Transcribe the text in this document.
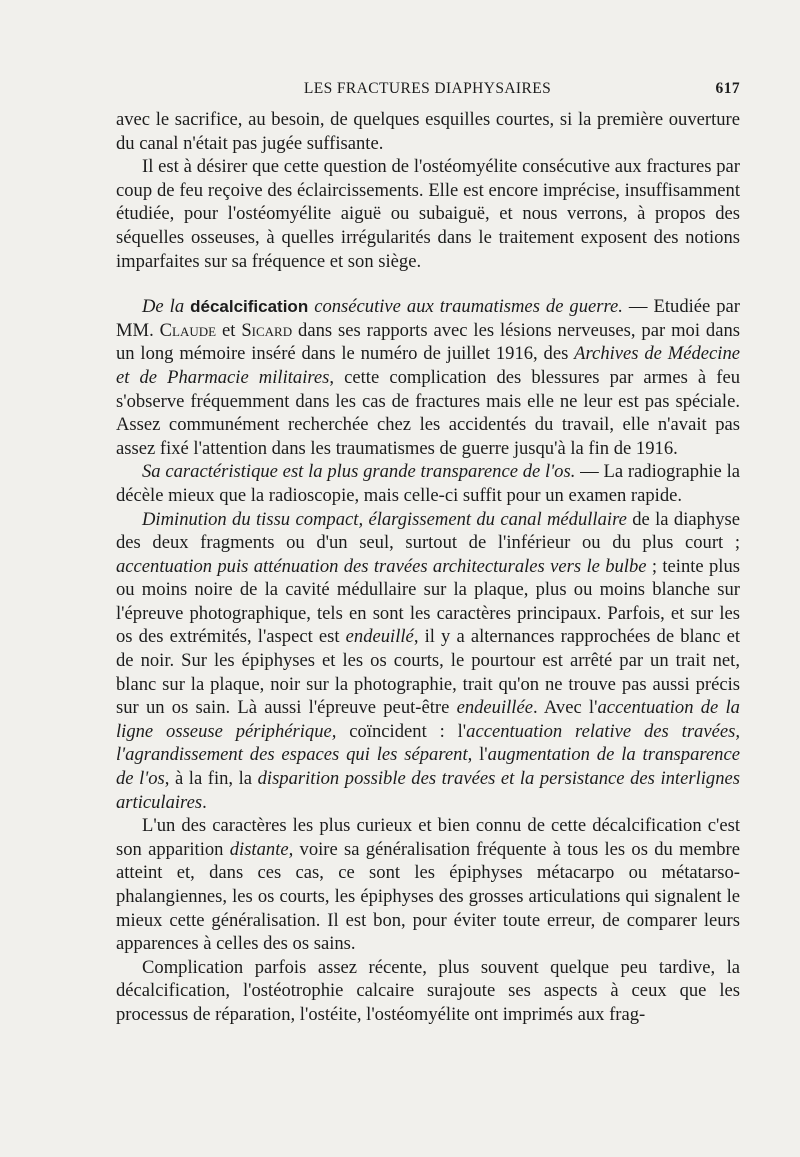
LES FRACTURES DIAPHYSAIRES	617

avec le sacrifice, au besoin, de quelques esquilles courtes, si la première ouverture du canal n'était pas jugée suffisante.

Il est à désirer que cette question de l'ostéomyélite consécutive aux fractures par coup de feu reçoive des éclaircissements. Elle est encore imprécise, insuffisamment étudiée, pour l'ostéomyélite aiguë ou subaiguë, et nous verrons, à propos des séquelles osseuses, à quelles irrégularités dans le traitement exposent des notions imparfaites sur sa fréquence et son siège.

De la décalcification consécutive aux traumatismes de guerre. — Etudiée par MM. Claude et Sicard dans ses rapports avec les lésions nerveuses, par moi dans un long mémoire inséré dans le numéro de juillet 1916, des Archives de Médecine et de Pharmacie militaires, cette complication des blessures par armes à feu s'observe fréquemment dans les cas de fractures mais elle ne leur est pas spéciale. Assez communément recherchée chez les accidentés du travail, elle n'avait pas assez fixé l'attention dans les traumatismes de guerre jusqu'à la fin de 1916.

Sa caractéristique est la plus grande transparence de l'os. — La radiographie la décèle mieux que la radioscopie, mais celle-ci suffit pour un examen rapide.

Diminution du tissu compact, élargissement du canal médullaire de la diaphyse des deux fragments ou d'un seul, surtout de l'inférieur ou du plus court ; accentuation puis atténuation des travées architecturales vers le bulbe ; teinte plus ou moins noire de la cavité médullaire sur la plaque, plus ou moins blanche sur l'épreuve photographique, tels en sont les caractères principaux. Parfois, et sur les os des extrémités, l'aspect est endeuillé, il y a alternances rapprochées de blanc et de noir. Sur les épiphyses et les os courts, le pourtour est arrêté par un trait net, blanc sur la plaque, noir sur la photographie, trait qu'on ne trouve pas aussi précis sur un os sain. Là aussi l'épreuve peut-être endeuillée. Avec l'accentuation de la ligne osseuse périphérique, coïncident : l'accentuation relative des travées, l'agrandissement des espaces qui les séparent, l'augmentation de la transparence de l'os, à la fin, la disparition possible des travées et la persistance des interlignes articulaires.

L'un des caractères les plus curieux et bien connu de cette décalcification c'est son apparition distante, voire sa généralisation fréquente à tous les os du membre atteint et, dans ces cas, ce sont les épiphyses métacarpo ou métatarso-phalangiennes, les os courts, les épiphyses des grosses articulations qui signalent le mieux cette généralisation. Il est bon, pour éviter toute erreur, de comparer leurs apparences à celles des os sains.

Complication parfois assez récente, plus souvent quelque peu tardive, la décalcification, l'ostéotrophie calcaire surajoute ses aspects à ceux que les processus de réparation, l'ostéite, l'ostéomyélite ont imprimés aux frag-
